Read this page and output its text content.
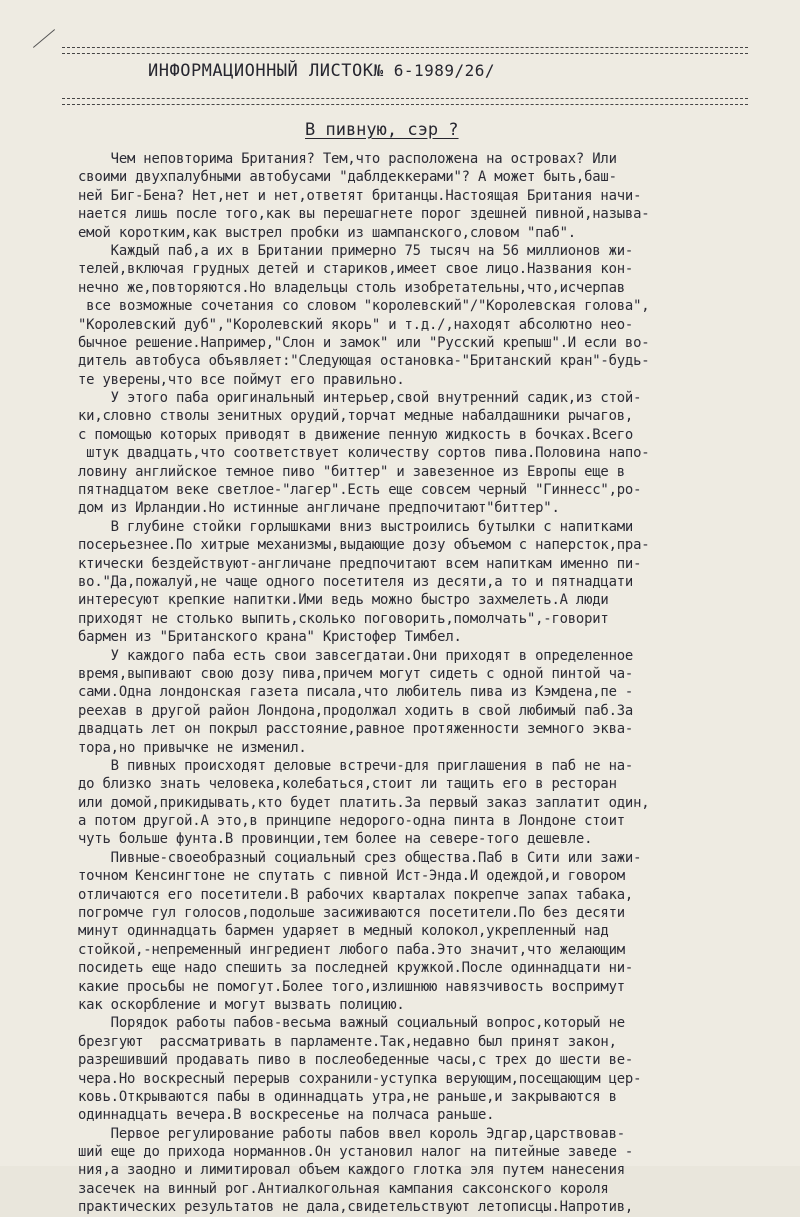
ИНФОРМАЦИОННЫЙ ЛИСТОК№ 6-1989/26/
В пивную, сэр ?
Чем неповторима Британия? Тем,что расположена на островах? Или
своими двухпалубными автобусами "даблдеккерами"? А может быть,баш-
ней Биг-Бена? Нет,нет и нет,ответят британцы.Настоящая Британия начи-
нается лишь после того,как вы перешагнете порог здешней пивной,называ-
емой коротким,как выстрел пробки из шампанского,словом "паб".
Каждый паб,а их в Британии примерно 75 тысяч на 56 миллионов жи-
телей,включая грудных детей и стариков,имеет свое лицо.Названия кон-
нечно же,повторяются.Но владельцы столь изобретательны,что,исчерпав
все возможные сочетания со словом "королевский"/"Королевская голова",
"Королевский дуб","Королевский якорь" и т.д./,находят абсолютно нео-
бычное решение.Например,"Слон и замок" или "Русский крепыш".И если во-
дитель автобуса объявляет:"Следующая остановка-"Британский кран"-будь-
те уверены,что все поймут его правильно.
У этого паба оригинальный интерьер,свой внутренний садик,из стой-
ки,словно стволы зенитных орудий,торчат медные набалдашники рычагов,
с помощью которых приводят в движение пенную жидкость в бочках.Всего
штук двадцать,что соответствует количеству сортов пива.Половина напо-
ловину английское темное пиво "биттер" и завезенное из Европы еще в
пятнадцатом веке светлое-"лагер".Есть еще совсем черный "Гиннесс",ро-
дом из Ирландии.Но истинные англичане предпочитают"биттер".
В глубине стойки горлышками вниз выстроились бутылки с напитками
посерьезнее.По хитрые механизмы,выдающие дозу объемом с наперсток,пра-
ктически бездействуют-англичане предпочитают всем напиткам именно пи-
во."Да,пожалуй,не чаще одного посетителя из десяти,а то и пятнадцати
интересуют крепкие напитки.Ими ведь можно быстро захмелеть.А люди
приходят не столько выпить,сколько поговорить,помолчать",-говорит
бармен из "Британского крана" Кристофер Тимбел.
У каждого паба есть свои завсегдатаи.Они приходят в определенное
время,выпивают свою дозу пива,причем могут сидеть с одной пинтой ча-
сами.Одна лондонская газета писала,что любитель пива из Кэмдена,пе -
реехав в другой район Лондона,продолжал ходить в свой любимый паб.За
двадцать лет он покрыл расстояние,равное протяженности земного эква-
тора,но привычке не изменил.
В пивных происходят деловые встречи-для приглашения в паб не на-
до близко знать человека,колебаться,стоит ли тащить его в ресторан
или домой,прикидывать,кто будет платить.За первый заказ заплатит один,
а потом другой.А это,в принципе недорого-одна пинта в Лондоне стоит
чуть больше фунта.В провинции,тем более на севере-того дешевле.
Пивные-своеобразный социальный срез общества.Паб в Сити или зажи-
точном Кенсингтоне не спутать с пивной Ист-Энда.И одеждой,и говором
отличаются его посетители.В рабочих кварталах покрепче запах табака,
погромче гул голосов,подольше засиживаются посетители.По без десяти
минут одиннадцать бармен ударяет в медный колокол,укрепленный над
стойкой,-непременный ингредиент любого паба.Это значит,что желающим
посидеть еще надо спешить за последней кружкой.После одиннадцати ни-
какие просьбы не помогут.Более того,излишнюю навязчивость воспримут
как оскорбление и могут вызвать полицию.
Порядок работы пабов-весьма важный социальный вопрос,который не
брезгуют  рассматривать в парламенте.Так,недавно был принят закон,
разрешивший продавать пиво в послеобеденные часы,с трех до шести ве-
чера.Но воскресный перерыв сохранили-уступка верующим,посещающим цер-
ковь.Открываются пабы в одиннадцать утра,не раньше,и закрываются в
одиннадцать вечера.В воскресенье на полчаса раньше.
Первое регулирование работы пабов ввел король Эдгар,царствовав-
ший еще до прихода норманнов.Он установил налог на питейные заведе -
ния,а заодно и лимитировал объем каждого глотка эля путем нанесения
засечек на винный рог.Антиалкогольная кампания саксонского короля
практических результатов не дала,свидетельствуют летописцы.Напротив,
